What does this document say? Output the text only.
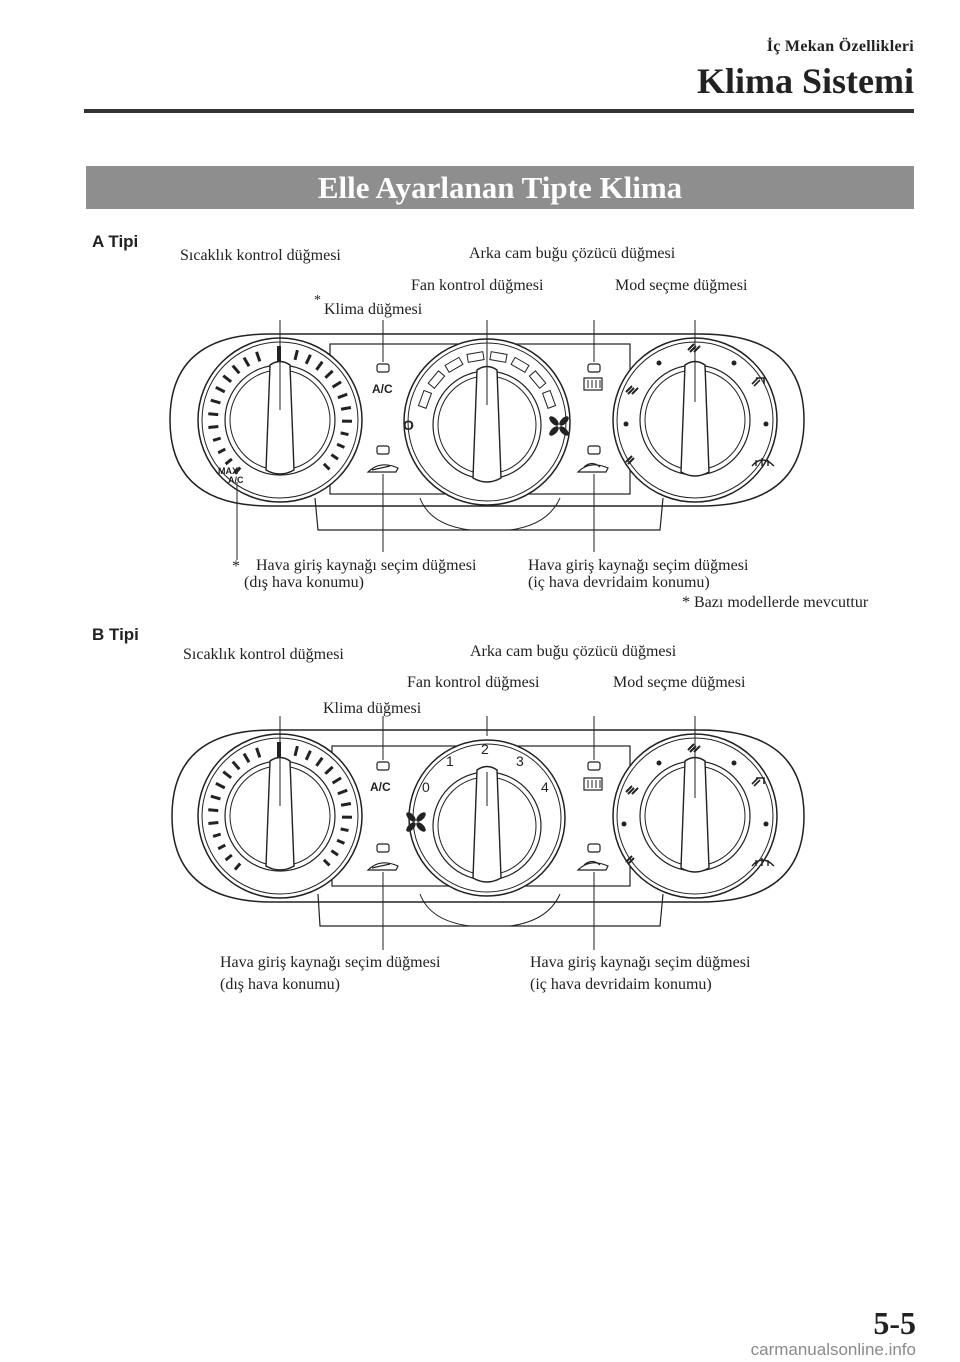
İç Mekan Özellikleri
Klima Sistemi
Elle Ayarlanan Tipte Klima
A Tipi
Sıcaklık kontrol düğmesi	Arka cam buğu çözücü düğmesi
Fan kontrol düğmesi	Mod seçme düğmesi
*
Klima düğmesi
MAX
A/C
A/C
O
* Hava giriş kaynağı seçim düğmesi
(dış hava konumu)
Hava giriş kaynağı seçim düğmesi
(iç hava devridaim konumu)
* Bazı modellerde mevcuttur
B Tipi
Sıcaklık kontrol düğmesi	Arka cam buğu çözücü düğmesi
Fan kontrol düğmesi	Mod seçme düğmesi
Klima düğmesi
A/C 0
1
2
3
4
Hava giriş kaynağı seçim düğmesi
(dış hava konumu)
Hava giriş kaynağı seçim düğmesi
(iç hava devridaim konumu)
5-5
carmanualsonline.info
